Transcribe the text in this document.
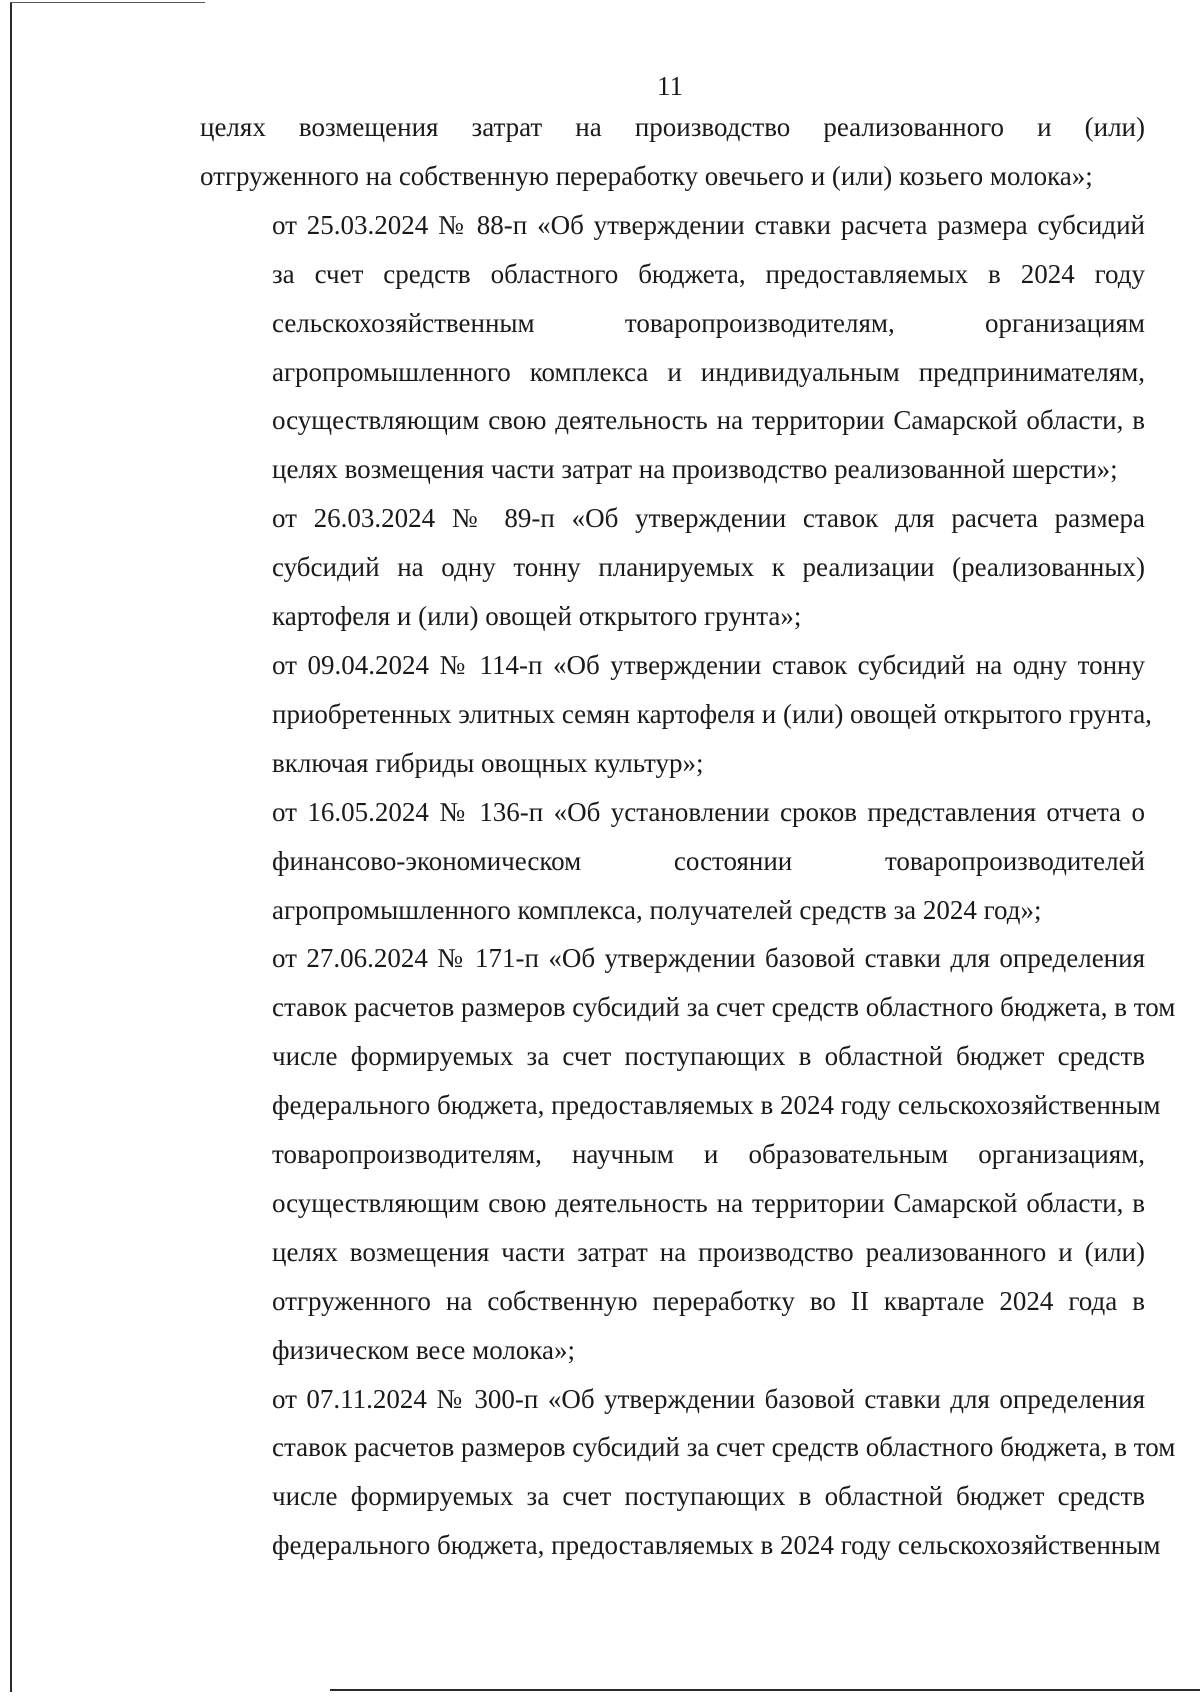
11

целях возмещения затрат на производство реализованного и (или)
отгруженного на собственную переработку овечьего и (или) козьего молока»;

от 25.03.2024 № 88-п «Об утверждении ставки расчета размера субсидий
за счет средств областного бюджета, предоставляемых в 2024 году
сельскохозяйственным товаропроизводителям, организациям
агропромышленного комплекса и индивидуальным предпринимателям,
осуществляющим свою деятельность на территории Самарской области, в
целях возмещения части затрат на производство реализованной шерсти»;

от 26.03.2024 № 89-п «Об утверждении ставок для расчета размера
субсидий на одну тонну планируемых к реализации (реализованных)
картофеля и (или) овощей открытого грунта»;

от 09.04.2024 № 114-п «Об утверждении ставок субсидий на одну тонну
приобретенных элитных семян картофеля и (или) овощей открытого грунта,
включая гибриды овощных культур»;

от 16.05.2024 № 136-п «Об установлении сроков представления отчета о
финансово-экономическом состоянии товаропроизводителей
агропромышленного комплекса, получателей средств за 2024 год»;

от 27.06.2024 № 171-п «Об утверждении базовой ставки для определения
ставок расчетов размеров субсидий за счет средств областного бюджета, в том
числе формируемых за счет поступающих в областной бюджет средств
федерального бюджета, предоставляемых в 2024 году сельскохозяйственным
товаропроизводителям, научным и образовательным организациям,
осуществляющим свою деятельность на территории Самарской области, в
целях возмещения части затрат на производство реализованного и (или)
отгруженного на собственную переработку во II квартале 2024 года в
физическом весе молока»;

от 07.11.2024 № 300-п «Об утверждении базовой ставки для определения
ставок расчетов размеров субсидий за счет средств областного бюджета, в том
числе формируемых за счет поступающих в областной бюджет средств
федерального бюджета, предоставляемых в 2024 году сельскохозяйственным
